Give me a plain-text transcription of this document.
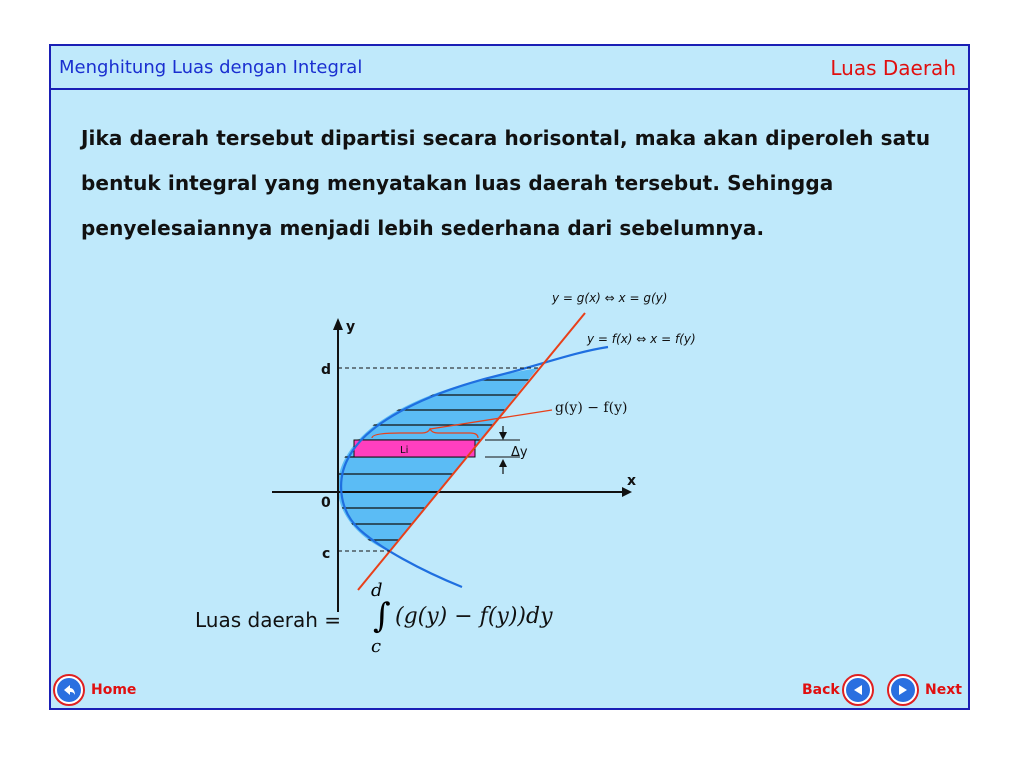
Menghitung Luas dengan Integral	Luas Daerah
Jika daerah tersebut dipartisi secara horisontal, maka akan diperoleh satu bentuk integral yang menyatakan luas daerah tersebut. Sehingga penyelesaiannya menjadi lebih sederhana dari sebelumnya.
y
x
d
c
0
Li	Δy
y = g(x) ⇔ x = g(y)
y = f(x) ⇔ x = f(y)
g(y) − f(y)
Luas daerah =
d
∫
c
(g(y) − f(y))dy
Home	Back	Next
